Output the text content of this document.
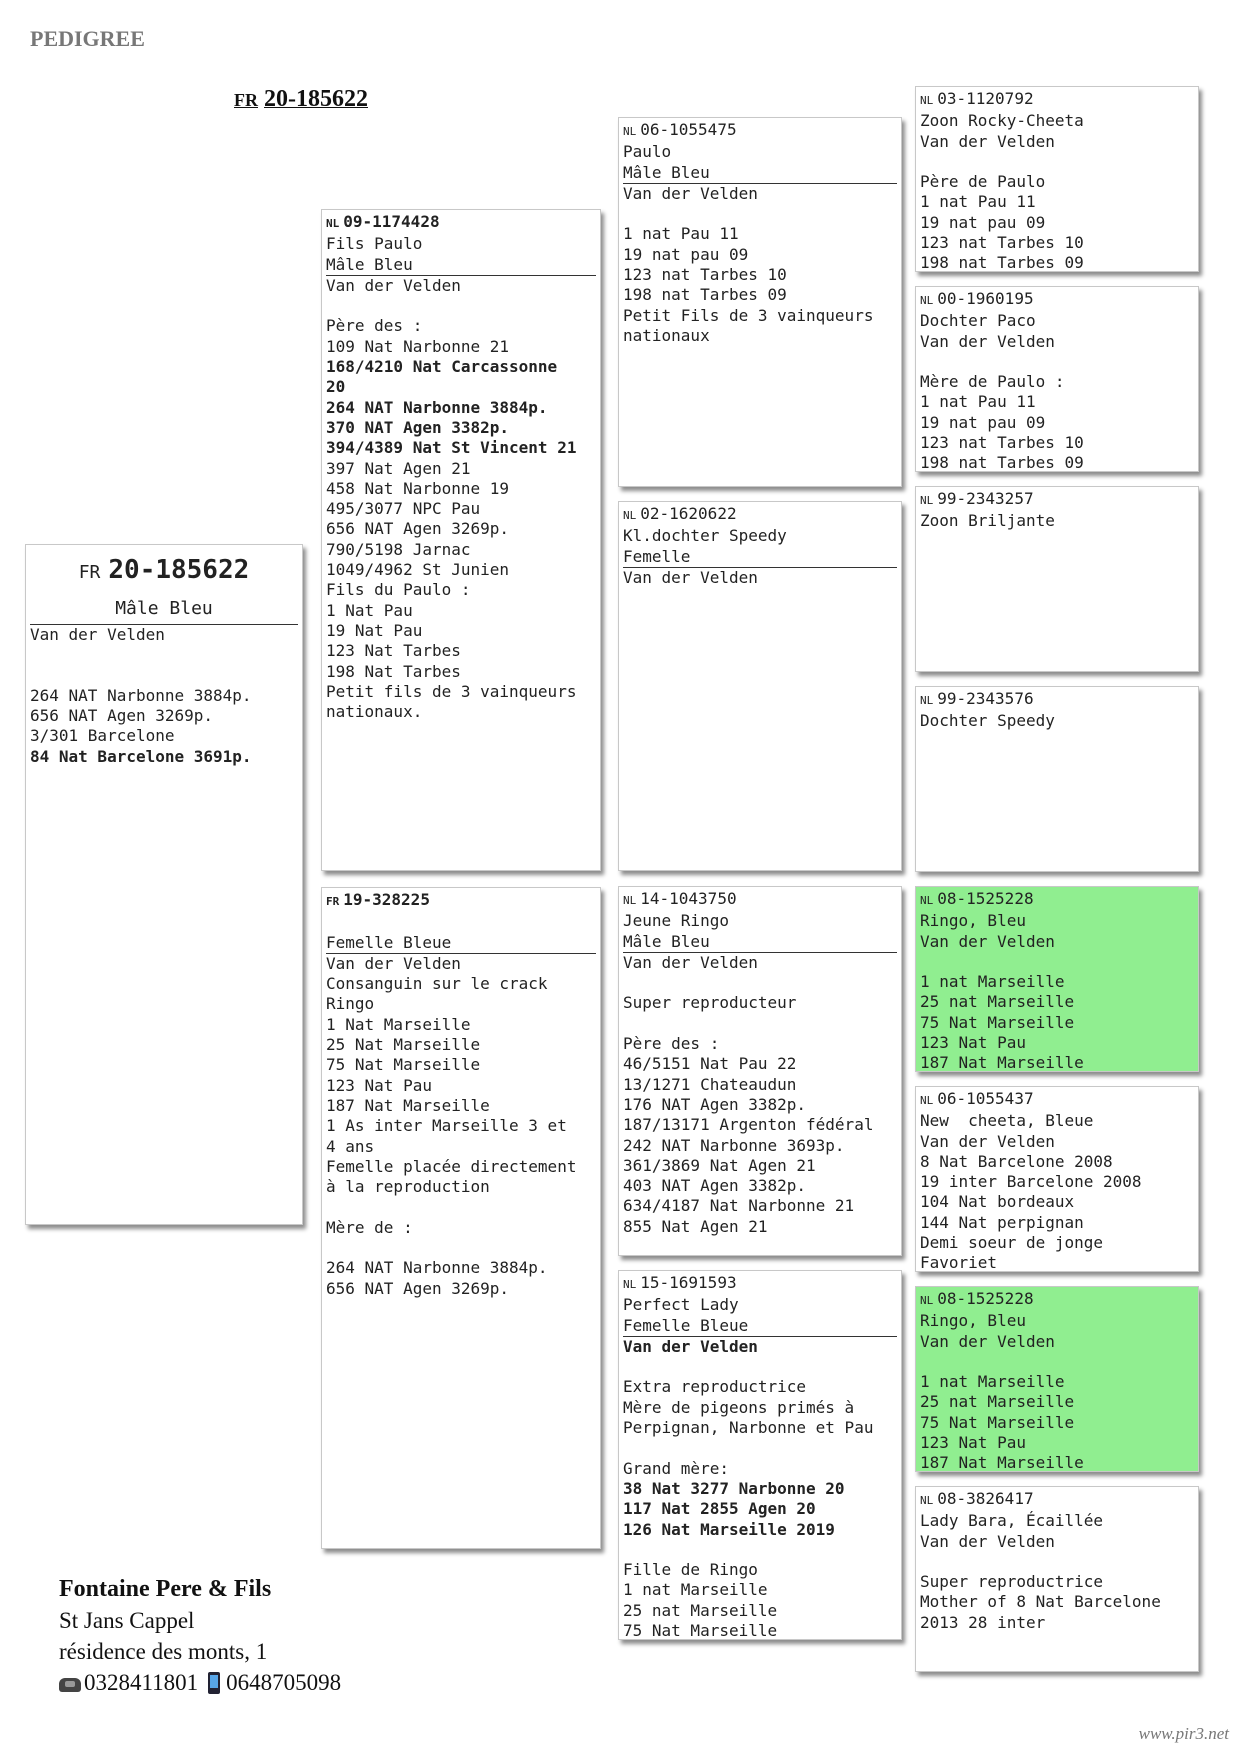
PEDIGREE
FR 20-185622
FR 20-185622
Mâle Bleu
Van der Velden
264 NAT Narbonne 3884p.
656 NAT Agen 3269p.
3/301 Barcelone
84 Nat Barcelone 3691p.
NL 09-1174428
Fils Paulo
Mâle Bleu
Van der Velden
Père des :
109 Nat Narbonne 21
168/4210 Nat Carcassonne
20
264 NAT Narbonne 3884p.
370 NAT Agen 3382p.
394/4389 Nat St Vincent 21
397 Nat Agen 21
458 Nat Narbonne 19
495/3077 NPC Pau
656 NAT Agen 3269p.
790/5198 Jarnac
1049/4962 St Junien
Fils du Paulo :
1 Nat Pau
19 Nat Pau
123 Nat Tarbes
198 Nat Tarbes
Petit fils de 3 vainqueurs
nationaux.
FR 19-328225
Femelle Bleue
Van der Velden
Consanguin sur le crack
Ringo
1 Nat Marseille
25 Nat Marseille
75 Nat Marseille
123 Nat Pau
187 Nat Marseille
1 As inter Marseille 3 et
4 ans
Femelle placée directement
à la reproduction
Mère de :
264 NAT Narbonne 3884p.
656 NAT Agen 3269p.
NL 06-1055475
Paulo
Mâle Bleu
Van der Velden
1 nat Pau 11
19 nat pau 09
123 nat Tarbes 10
198 nat Tarbes 09
Petit Fils de 3 vainqueurs
nationaux
NL 02-1620622
Kl.dochter Speedy
Femelle
Van der Velden
NL 14-1043750
Jeune Ringo
Mâle Bleu
Van der Velden
Super reproducteur
Père des :
46/5151 Nat Pau 22
13/1271 Chateaudun
176 NAT Agen 3382p.
187/13171 Argenton fédéral
242 NAT Narbonne 3693p.
361/3869 Nat Agen 21
403 NAT Agen 3382p.
634/4187 Nat Narbonne 21
855 Nat Agen 21
NL 15-1691593
Perfect Lady
Femelle Bleue
Van der Velden
Extra reproductrice
Mère de pigeons primés à
Perpignan, Narbonne et Pau
Grand mère:
38 Nat 3277 Narbonne 20
117 Nat 2855 Agen 20
126 Nat Marseille 2019
Fille de Ringo
1 nat Marseille
25 nat Marseille
75 Nat Marseille
NL 03-1120792
Zoon Rocky-Cheeta
Van der Velden
Père de Paulo
1 nat Pau 11
19 nat pau 09
123 nat Tarbes 10
198 nat Tarbes 09
NL 00-1960195
Dochter Paco
Van der Velden
Mère de Paulo :
1 nat Pau 11
19 nat pau 09
123 nat Tarbes 10
198 nat Tarbes 09
NL 99-2343257
Zoon Briljante
NL 99-2343576
Dochter Speedy
NL 08-1525228
Ringo, Bleu
Van der Velden
1 nat Marseille
25 nat Marseille
75 Nat Marseille
123 Nat Pau
187 Nat Marseille
NL 06-1055437
New  cheeta, Bleue
Van der Velden
8 Nat Barcelone 2008
19 inter Barcelone 2008
104 Nat bordeaux
144 Nat perpignan
Demi soeur de jonge
Favoriet
NL 08-1525228
Ringo, Bleu
Van der Velden
1 nat Marseille
25 nat Marseille
75 Nat Marseille
123 Nat Pau
187 Nat Marseille
NL 08-3826417
Lady Bara, Écaillée
Van der Velden
Super reproductrice
Mother of 8 Nat Barcelone
2013 28 inter
Fontaine Pere & Fils
St Jans Cappel
résidence des monts, 1
0328411801 0648705098
www.pir3.net
